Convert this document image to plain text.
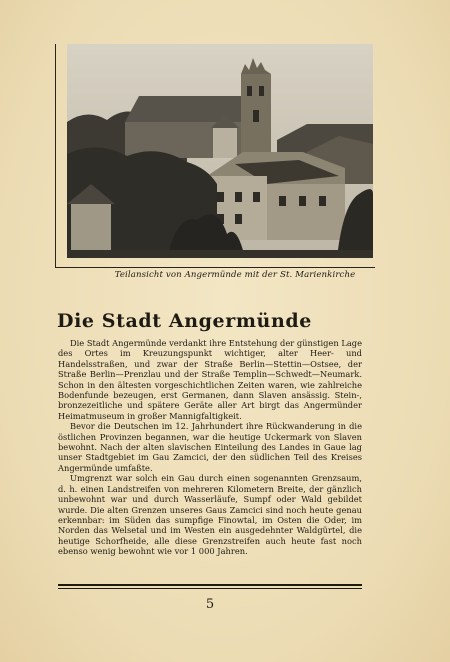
Teilansicht von Angermünde mit der St. Marienkirche
Die Stadt Angermünde

Die Stadt Angermünde verdankt ihre Entstehung der günstigen Lage des Ortes im Kreuzungspunkt wichtiger, alter Heer- und Handelsstraßen, und zwar der Straße Berlin—Stettin—Ostsee, der Straße Berlin—Prenzlau und der Straße Templin—Schwedt—Neumark. Schon in den ältesten vorgeschichtlichen Zeiten waren, wie zahlreiche Bodenfunde bezeugen, erst Germanen, dann Slaven ansässig. Stein-, bronzezeitliche und spätere Geräte aller Art birgt das Angermünder Heimatmuseum in großer Mannigfaltigkeit.

Bevor die Deutschen im 12. Jahrhundert ihre Rückwanderung in die östlichen Provinzen begannen, war die heutige Uckermark von Slaven bewohnt. Nach der alten slavischen Einteilung des Landes in Gaue lag unser Stadtgebiet im Gau Zamcici, der den südlichen Teil des Kreises Angermünde umfaßte.

Umgrenzt war solch ein Gau durch einen sogenannten Grenzsaum, d. h. einen Landstreifen von mehreren Kilometern Breite, der gänzlich unbewohnt war und durch Wasserläufe, Sumpf oder Wald gebildet wurde. Die alten Grenzen unseres Gaus Zamcici sind noch heute genau erkennbar: im Süden das sumpfige Finowtal, im Osten die Oder, im Norden das Welsetal und im Westen ein ausgedehnter Waldgürtel, die heutige Schorfheide, alle diese Grenzstreifen auch heute fast noch ebenso wenig bewohnt wie vor 1 000 Jahren.

5
